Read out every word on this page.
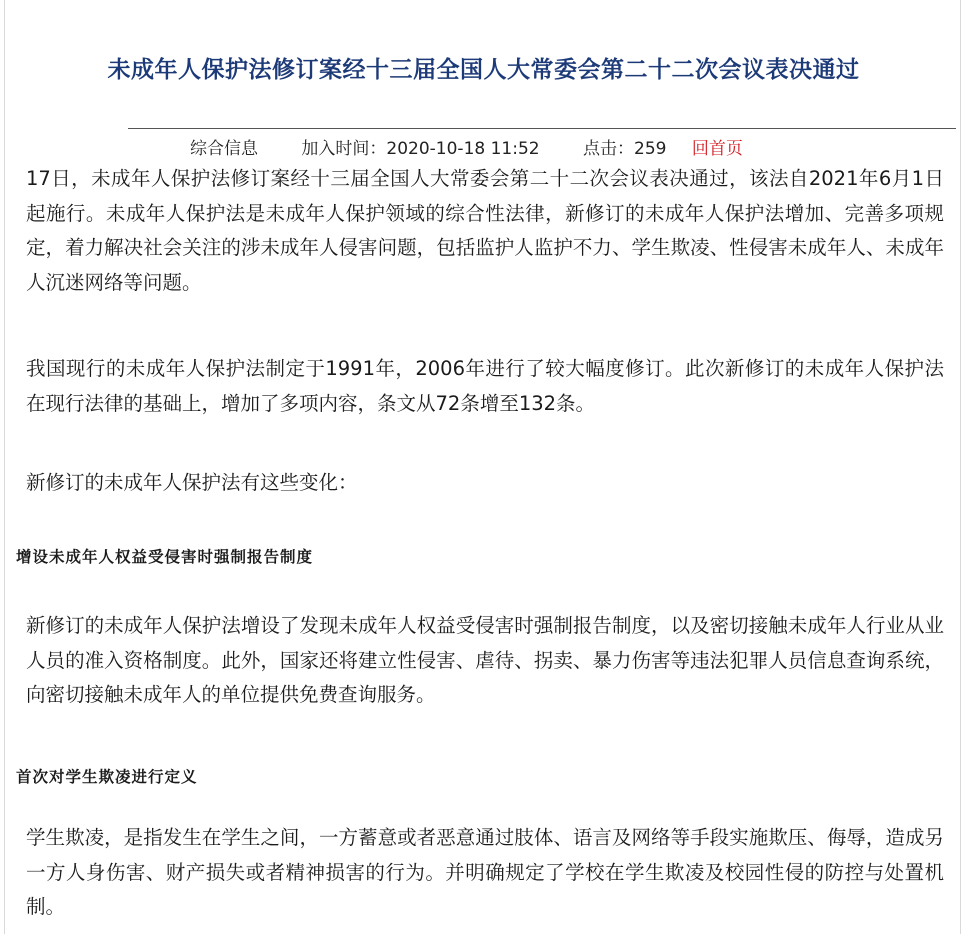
未成年人保护法修订案经十三届全国人大常委会第二十二次会议表决通过
综合信息	加入时间：2020-10-18 11:52	点击：259 回首页

17日，未成年人保护法修订案经十三届全国人大常委会第二十二次会议表决通过，该法自2021年6月1日起施行。未成年人保护法是未成年人保护领域的综合性法律，新修订的未成年人保护法增加、完善多项规定，着力解决社会关注的涉未成年人侵害问题，包括监护人监护不力、学生欺凌、性侵害未成年人、未成年人沉迷网络等问题。

我国现行的未成年人保护法制定于1991年，2006年进行了较大幅度修订。此次新修订的未成年人保护法在现行法律的基础上，增加了多项内容，条文从72条增至132条。

新修订的未成年人保护法有这些变化：

增设未成年人权益受侵害时强制报告制度

新修订的未成年人保护法增设了发现未成年人权益受侵害时强制报告制度，以及密切接触未成年人行业从业人员的准入资格制度。此外，国家还将建立性侵害、虐待、拐卖、暴力伤害等违法犯罪人员信息查询系统，向密切接触未成年人的单位提供免费查询服务。

首次对学生欺凌进行定义

学生欺凌，是指发生在学生之间，一方蓄意或者恶意通过肢体、语言及网络等手段实施欺压、侮辱，造成另一方人身伤害、财产损失或者精神损害的行为。并明确规定了学校在学生欺凌及校园性侵的防控与处置机制。
